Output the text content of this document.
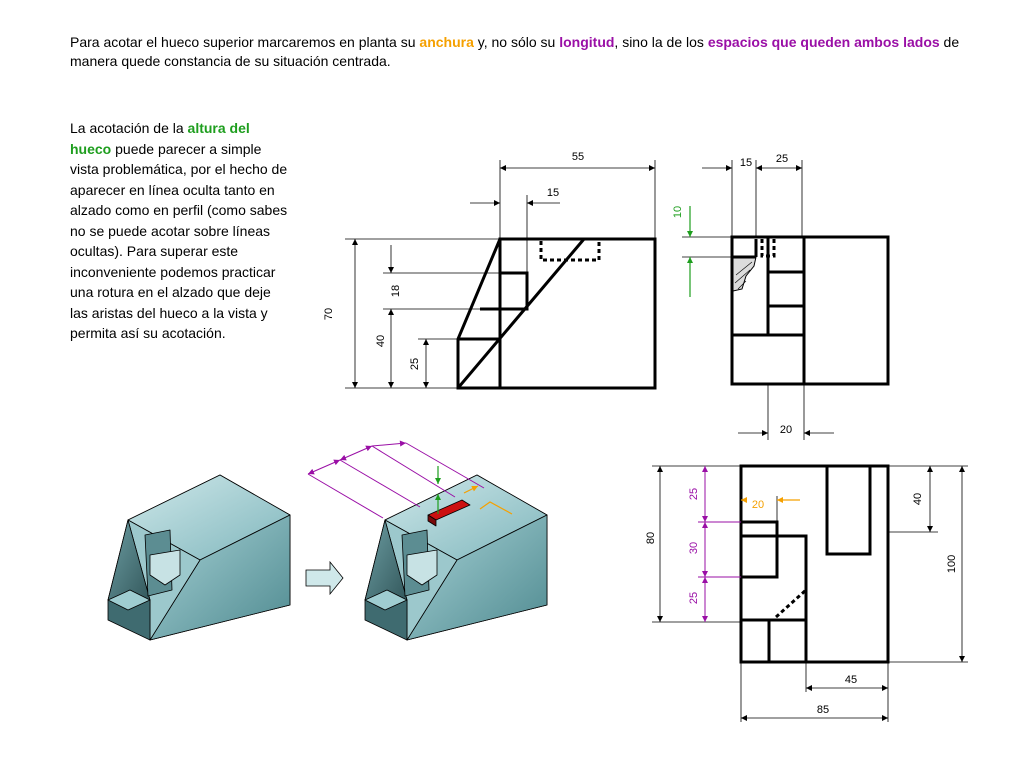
Para acotar el hueco superior marcaremos en planta su anchura y, no sólo su longitud, sino la de los espacios que queden ambos lados de manera quede constancia de su situación centrada.
La acotación de la altura del hueco puede parecer a simple vista problemática, por el hecho de aparecer en línea oculta tanto en alzado como en perfil (como sabes no se puede acotar sobre líneas ocultas). Para superar este inconveniente podemos practicar una rotura en el alzado que deje las aristas del hueco a la vista y permita así su acotación.
55
15
70
18
40
25
15 25
10
20
80
25
30
25
40
100
20
45
85
